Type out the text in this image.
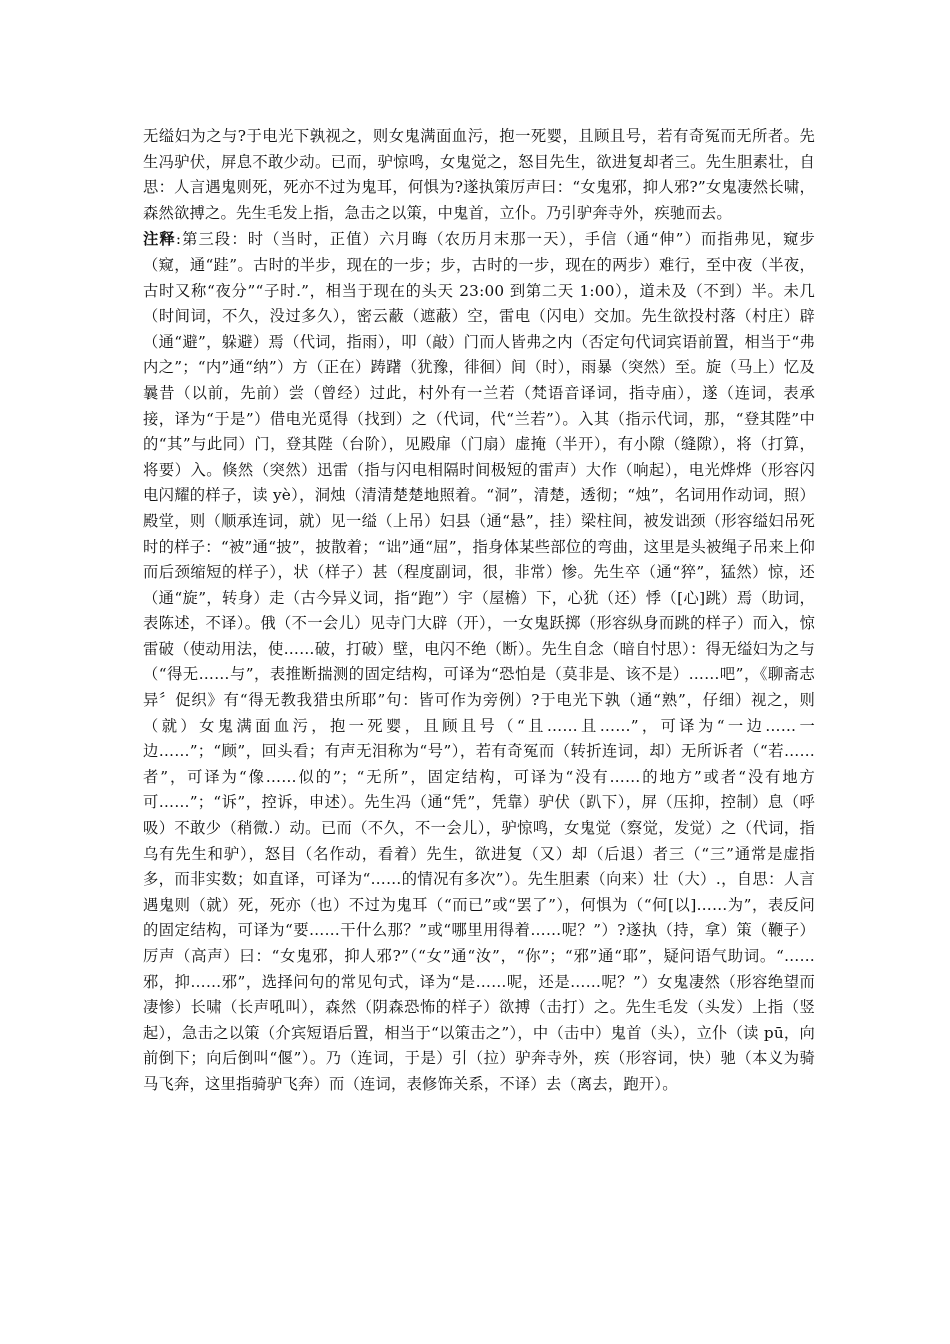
无缢妇为之与?于电光下孰视之，则女鬼满面血污，抱一死婴，且顾且号，若有奇冤而无所者。先生冯驴伏，屏息不敢少动。已而，驴惊鸣，女鬼觉之，怒目先生，欲进复却者三。先生胆素壮，自思：人言遇鬼则死，死亦不过为鬼耳，何惧为?遂执策厉声曰：“女鬼邪，抑人邪?”女鬼凄然长啸，森然欲搏之。先生毛发上指，急击之以策，中鬼首，立仆。乃引驴奔寺外，疾驰而去。

注释:第三段：时（当时，正值）六月晦（农历月末那一天），手信（通“伸”）而指弗见，窥步（窥，通“跬”。古时的半步，现在的一步；步，古时的一步，现在的两步）难行，至中夜（半夜，古时又称“夜分”“子时.”，相当于现在的头天 23:00 到第二天 1:00），道未及（不到）半。未几（时间词，不久，没过多久），密云蔽（遮蔽）空，雷电（闪电）交加。先生欲投村落（村庄）辟（通“避”，躲避）焉（代词，指雨），叩（敲）门而人皆弗之内（否定句代词宾语前置，相当于“弗内之”；“内”通“纳”）方（正在）踌躇（犹豫，徘徊）间（时），雨暴（突然）至。旋（马上）忆及曩昔（以前，先前）尝（曾经）过此，村外有一兰若（梵语音译词，指寺庙），遂（连词，表承接，译为“于是”）借电光觅得（找到）之（代词，代“兰若”）。入其（指示代词，那，“登其陛”中的“其”与此同）门，登其陛（台阶），见殿扉（门扇）虚掩（半开），有小隙（缝隙），将（打算，将要）入。倏然（突然）迅雷（指与闪电相隔时间极短的雷声）大作（响起），电光烨烨（形容闪电闪耀的样子，读 yè），洞烛（清清楚楚地照着。“洞”，清楚，透彻；“烛”，名词用作动词，照）殿堂，则（顺承连词，就）见一缢（上吊）妇县（通“悬”，挂）梁柱间，被发诎颈（形容缢妇吊死时的样子：“被”通“披”，披散着；“诎”通“屈”，指身体某些部位的弯曲，这里是头被绳子吊来上仰而后颈缩短的样子），状（样子）甚（程度副词，很，非常）惨。先生卒（通“猝”，猛然）惊，还（通“旋”，转身）走（古今异义词，指“跑”）宇（屋檐）下，心犹（还）悸（[心]跳）焉（助词，表陈述，不译）。俄（不一会儿）见寺门大辟（开），一女鬼跃掷（形容纵身而跳的样子）而入，惊雷破（使动用法，使……破，打破）壁，电闪不绝（断）。先生自念（暗自忖思）：得无缢妇为之与（“得无……与”，表推断揣测的固定结构，可译为“恐怕是（莫非是、该不是）……吧”，《聊斋志异〞促织》有“得无教我猎虫所耶”句：皆可作为旁例）?于电光下孰（通“熟”，仔细）视之，则（就）女鬼满面血污，抱一死婴，且顾且号（“且……且……”，可译为“一边……一边……”；“顾”，回头看；有声无泪称为“号”），若有奇冤而（转折连词，却）无所诉者（“若……者”，可译为“像……似的”；“无所”，固定结构，可译为“没有……的地方”或者“没有地方可……”；“诉”，控诉，申述）。先生冯（通“凭”，凭靠）驴伏（趴下），屏（压抑，控制）息（呼吸）不敢少（稍微.）动。已而（不久，不一会儿），驴惊鸣，女鬼觉（察觉，发觉）之（代词，指乌有先生和驴），怒目（名作动，看着）先生，欲进复（又）却（后退）者三（“三”通常是虚指多，而非实数；如直译，可译为“……的情况有多次”）。先生胆素（向来）壮（大）.，自思：人言遇鬼则（就）死，死亦（也）不过为鬼耳（“而已”或“罢了”），何惧为（“何[以]……为”，表反问的固定结构，可译为“要……干什么那？”或“哪里用得着……呢？”）?遂执（持，拿）策（鞭子）厉声（高声）曰：“女鬼邪，抑人邪?”（“女”通“汝”，“你”；“邪”通“耶”，疑问语气助词。“……邪，抑……邪”，选择问句的常见句式，译为“是……呢，还是……呢？”）女鬼凄然（形容绝望而凄惨）长啸（长声吼叫），森然（阴森恐怖的样子）欲搏（击打）之。先生毛发（头发）上指（竖起），急击之以策（介宾短语后置，相当于“以策击之”），中（击中）鬼首（头），立仆（读 pū，向前倒下；向后倒叫“偃”）。乃（连词，于是）引（拉）驴奔寺外，疾（形容词，快）驰（本义为骑马飞奔，这里指骑驴飞奔）而（连词，表修饰关系，不译）去（离去，跑开）。
